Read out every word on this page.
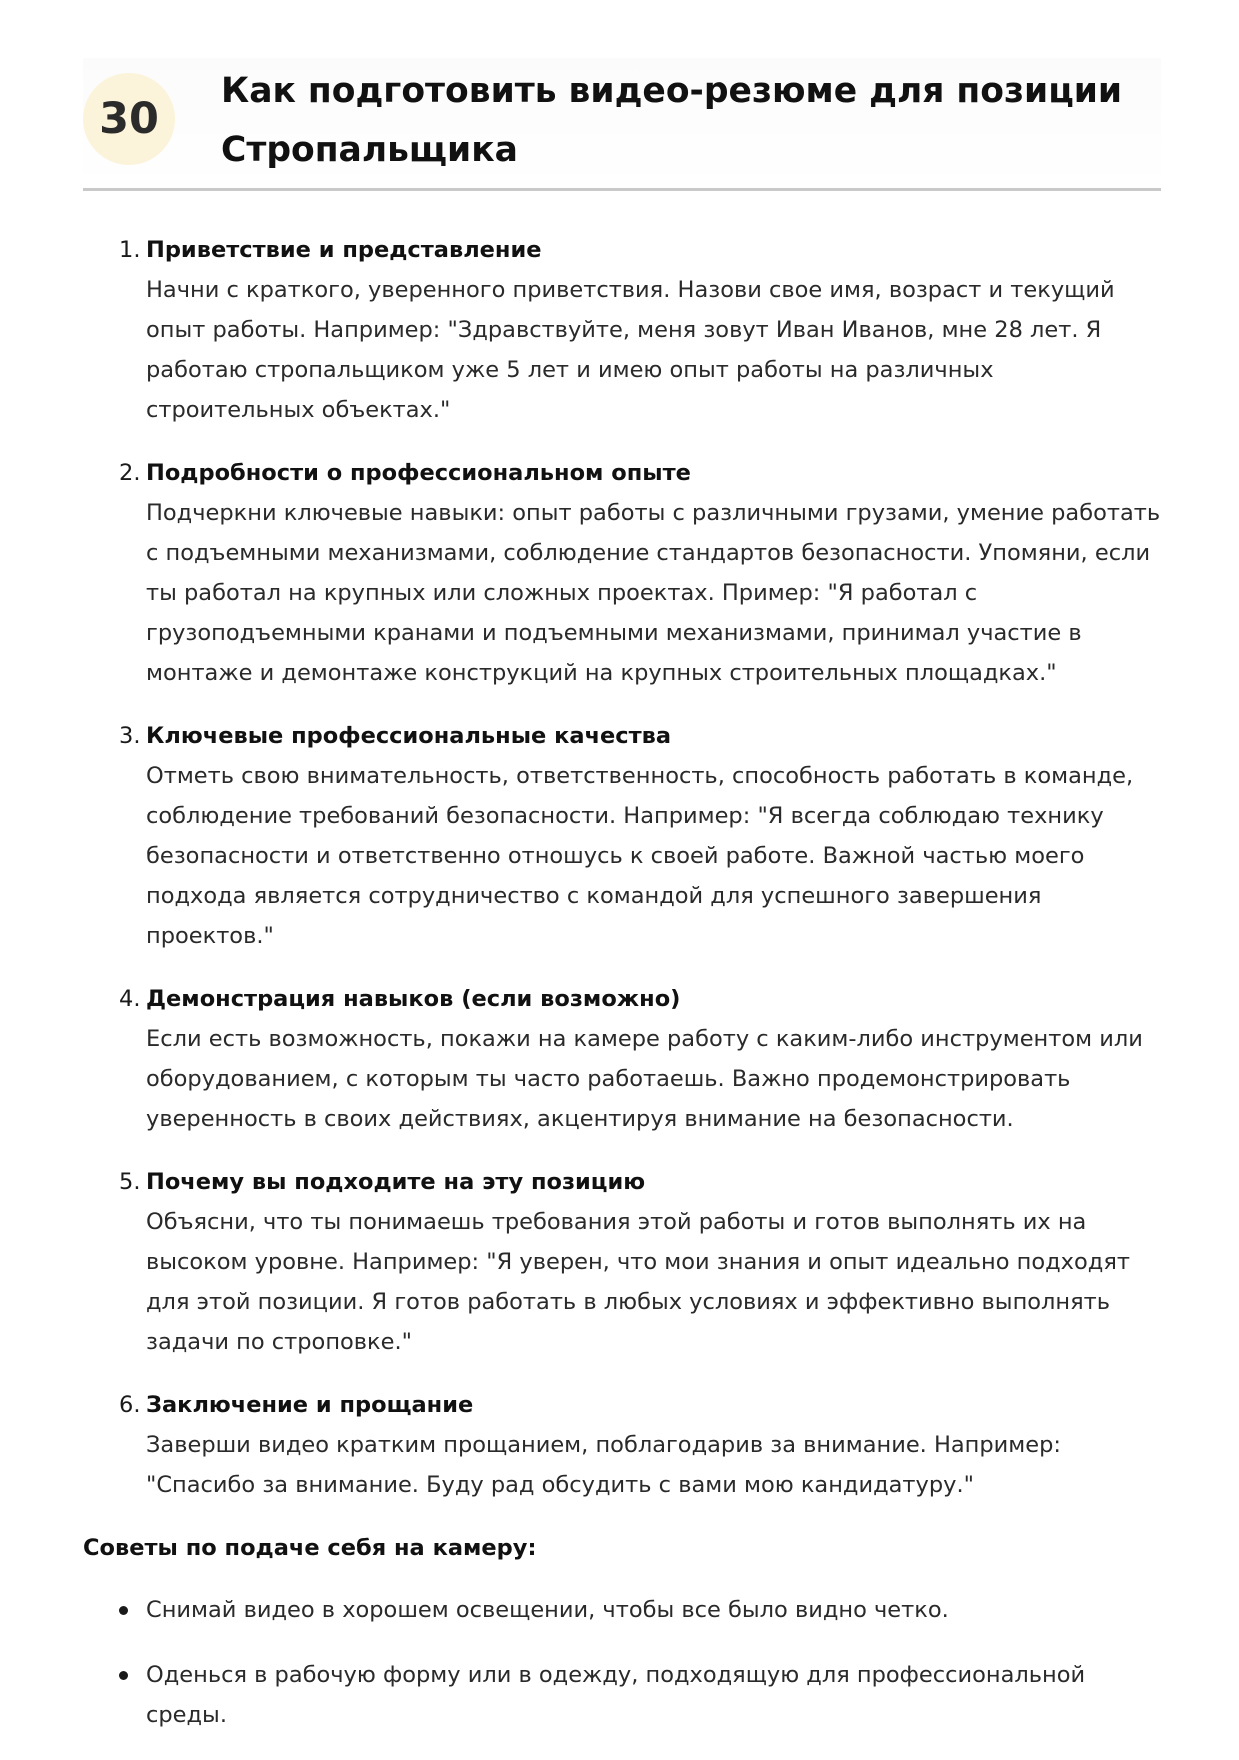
30
Как подготовить видео-резюме для позиции Стропальщика
1. Приветствие и представление
Начни с краткого, уверенного приветствия. Назови свое имя, возраст и текущий опыт работы. Например: "Здравствуйте, меня зовут Иван Иванов, мне 28 лет. Я работаю стропальщиком уже 5 лет и имею опыт работы на различных строительных объектах."
2. Подробности о профессиональном опыте
Подчеркни ключевые навыки: опыт работы с различными грузами, умение работать с подъемными механизмами, соблюдение стандартов безопасности. Упомяни, если ты работал на крупных или сложных проектах. Пример: "Я работал с грузоподъемными кранами и подъемными механизмами, принимал участие в монтаже и демонтаже конструкций на крупных строительных площадках."
3. Ключевые профессиональные качества
Отметь свою внимательность, ответственность, способность работать в команде, соблюдение требований безопасности. Например: "Я всегда соблюдаю технику безопасности и ответственно отношусь к своей работе. Важной частью моего подхода является сотрудничество с командой для успешного завершения проектов."
4. Демонстрация навыков (если возможно)
Если есть возможность, покажи на камере работу с каким-либо инструментом или оборудованием, с которым ты часто работаешь. Важно продемонстрировать уверенность в своих действиях, акцентируя внимание на безопасности.
5. Почему вы подходите на эту позицию
Объясни, что ты понимаешь требования этой работы и готов выполнять их на высоком уровне. Например: "Я уверен, что мои знания и опыт идеально подходят для этой позиции. Я готов работать в любых условиях и эффективно выполнять задачи по строповке."
6. Заключение и прощание
Заверши видео кратким прощанием, поблагодарив за внимание. Например: "Спасибо за внимание. Буду рад обсудить с вами мою кандидатуру."
Советы по подаче себя на камеру:
Снимай видео в хорошем освещении, чтобы все было видно четко.
Оденься в рабочую форму или в одежду, подходящую для профессиональной среды.
